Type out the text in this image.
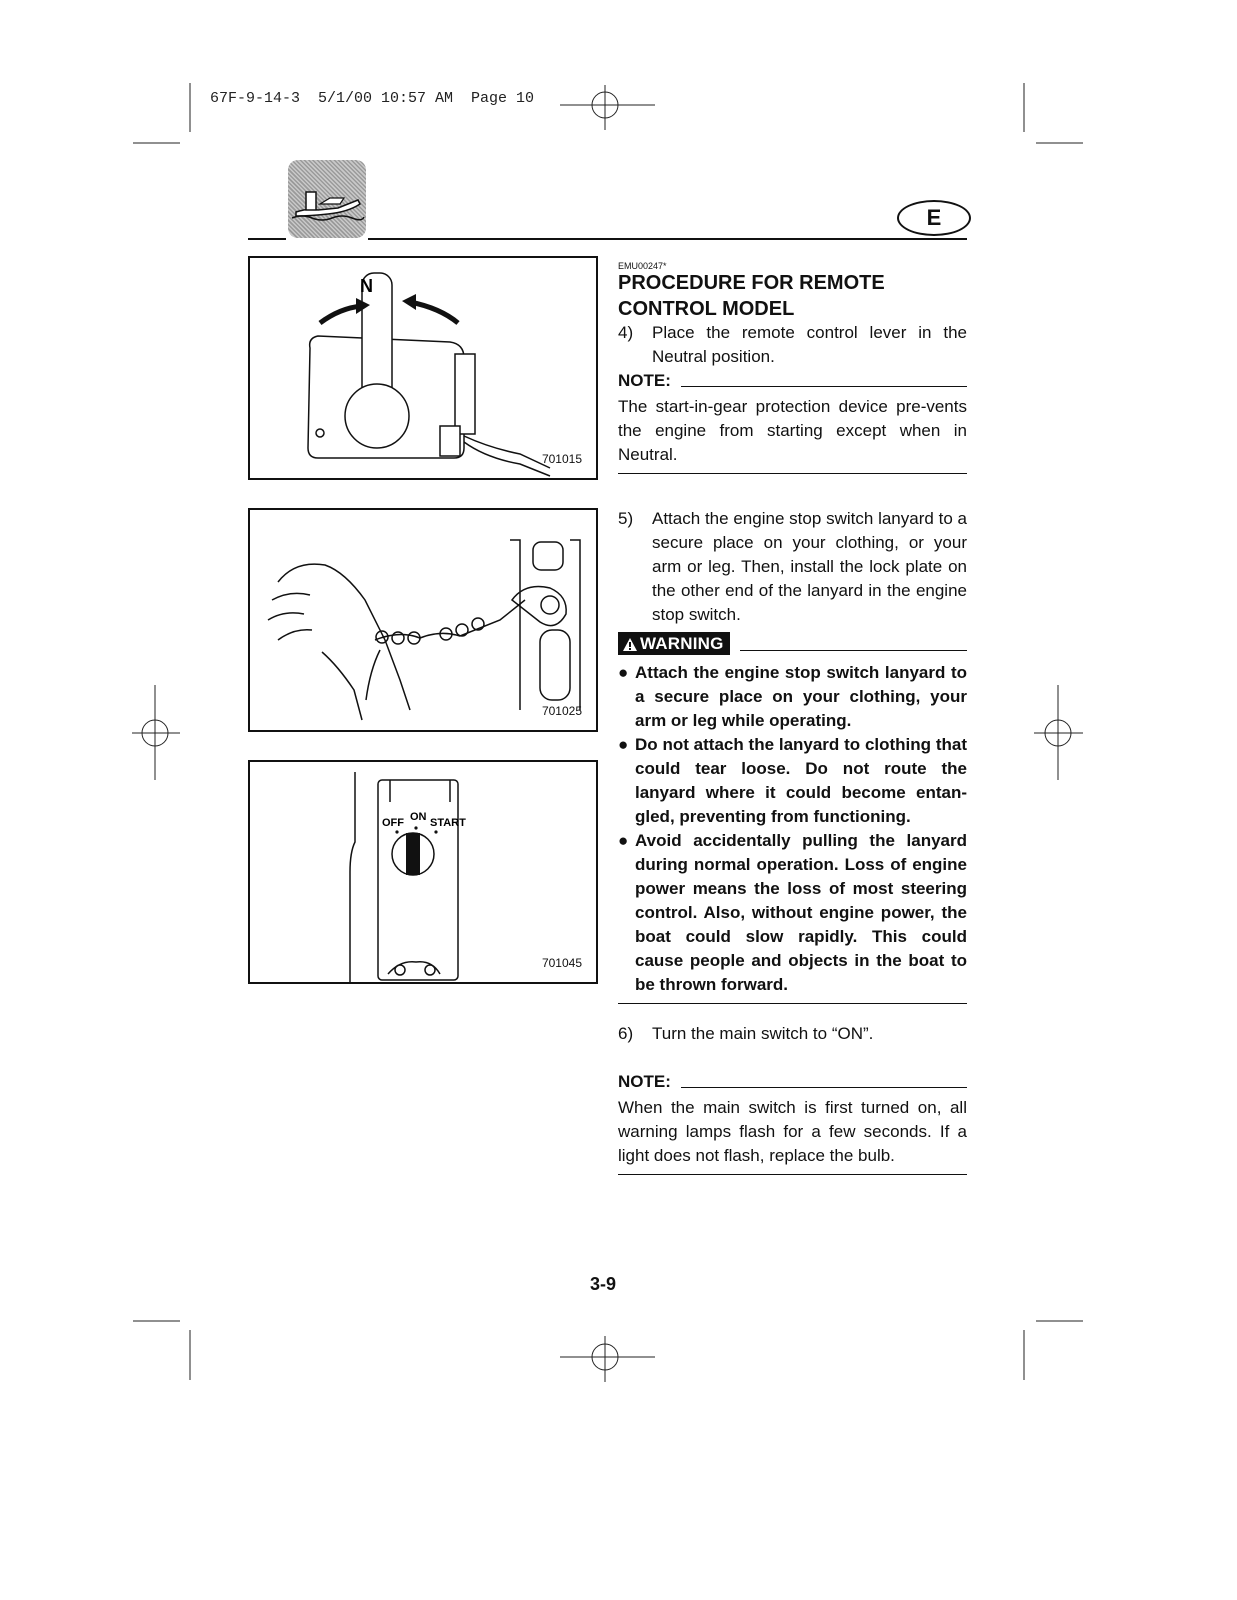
67F-9-14-3  5/1/00 10:57 AM  Page 10
E
N
701015
701025
OFF ON START
701045
EMU00247*
PROCEDURE FOR REMOTE
CONTROL MODEL
4)	Place the remote control lever in the Neutral position.
NOTE:
The start-in-gear protection device pre-vents the engine from starting except when in Neutral.
5)	Attach the engine stop switch lanyard to a secure place on your clothing, or your arm or leg. Then, install the lock plate on the other end of the lanyard in the engine stop switch.
WARNING
● Attach the engine stop switch lanyard to a secure place on your clothing, your arm or leg while operating.
● Do not attach the lanyard to clothing that could tear loose. Do not route the lanyard where it could become entan-gled, preventing from functioning.
● Avoid accidentally pulling the lanyard during normal operation. Loss of engine power means the loss of most steering control. Also, without engine power, the boat could slow rapidly. This could cause people and objects in the boat to be thrown forward.
6)	Turn the main switch to “ON”.
NOTE:
When the main switch is first turned on, all warning lamps flash for a few seconds. If a light does not flash, replace the bulb.
3-9
